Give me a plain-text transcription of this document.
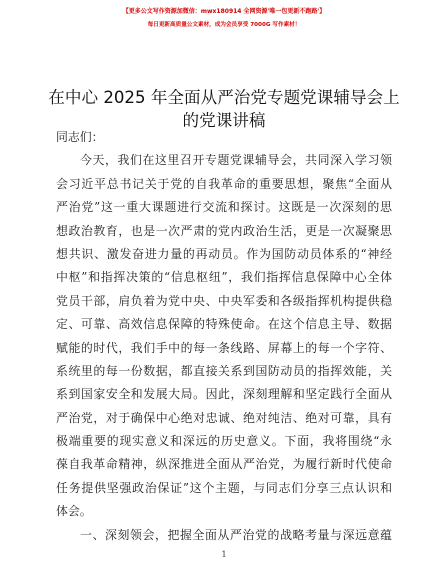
【更多公文写作资源加微信：mwx180914 全网资源'唯一包更新不跑路'】
每日更新高质量公文素材，成为会员享受 7000G 写作素材！
在中心 2025 年全面从严治党专题党课辅导会上
的党课讲稿
同志们：
今天，我们在这里召开专题党课辅导会，共同深入学习领
会习近平总书记关于党的自我革命的重要思想，聚焦“全面从
严治党”这一重大课题进行交流和探讨。这既是一次深刻的思
想政治教育，也是一次严肃的党内政治生活，更是一次凝聚思
想共识、激发奋进力量的再动员。作为国防动员体系的“神经
中枢”和指挥决策的“信息枢纽”，我们指挥信息保障中心全体
党员干部，肩负着为党中央、中央军委和各级指挥机构提供稳
定、可靠、高效信息保障的特殊使命。在这个信息主导、数据
赋能的时代，我们手中的每一条线路、屏幕上的每一个字符、
系统里的每一份数据，都直接关系到国防动员的指挥效能，关
系到国家安全和发展大局。因此，深刻理解和坚定践行全面从
严治党，对于确保中心绝对忠诚、绝对纯洁、绝对可靠，具有
极端重要的现实意义和深远的历史意义。下面，我将围绕“永
葆自我革命精神，纵深推进全面从严治党，为履行新时代使命
任务提供坚强政治保证”这个主题，与同志们分享三点认识和
体会。
一、深刻领会，把握全面从严治党的战略考量与深远意蕴
1
